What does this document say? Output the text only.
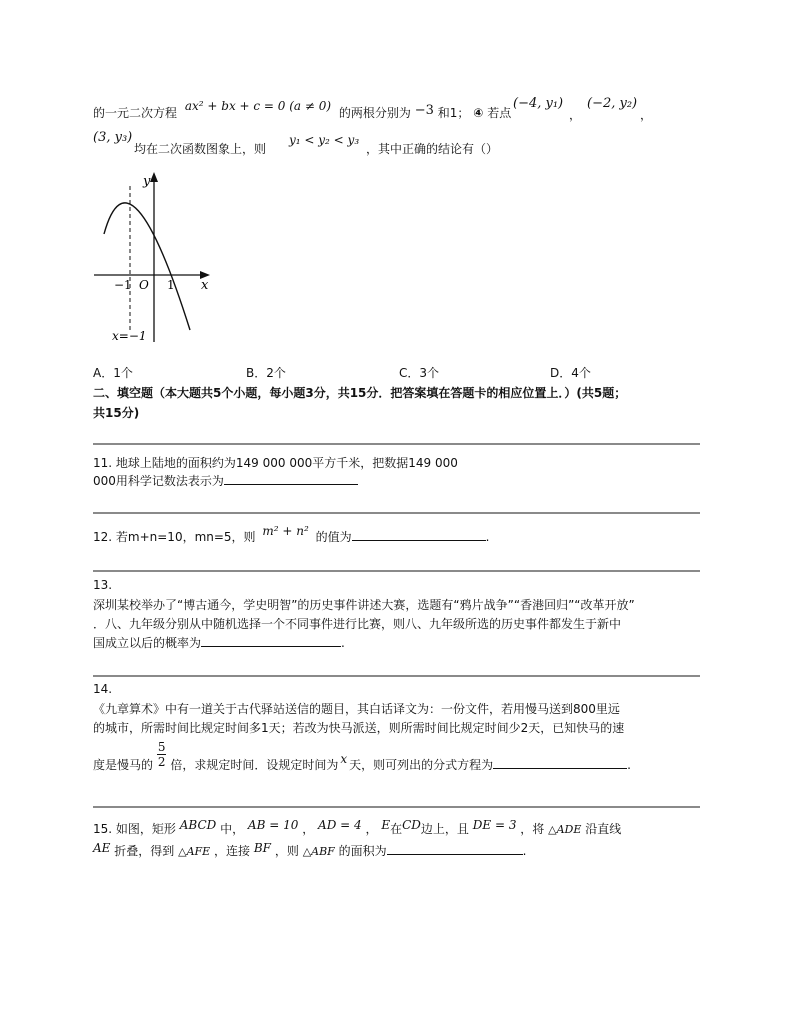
的一元二次方程 ax² + bx + c = 0 (a ≠ 0) 的两根分别为 −3 和1； ④ 若点
(−4, y₁)
，
(−2, y₂)
，
(3, y₃)
均在二次函数图象上，则
y₁ < y₂ < y₃
，其中正确的结论有（）
y
x
O
−1	1
x=−1
A．1个	B．2个	C．3个	D．4个
二、填空题（本大题共5个小题，每小题3分，共15分．把答案填在答题卡的相应位置上．）(共5题；
共15分)
11. 地球上陆地的面积约为149 000 000平方千米，把数据149 000
000用科学记数法表示为
12. 若m+n=10，mn=5，则 m² + n² 的值为	.
13.
深圳某校举办了“博古通今，学史明智”的历史事件讲述大赛，选题有“鸦片战争”“香港回归”“改革开放”
．八、九年级分别从中随机选择一个不同事件进行比赛，则八、九年级所选的历史事件都发生于新中
国成立以后的概率为	.
14.
《九章算术》中有一道关于古代驿站送信的题目，其白话译文为：一份文件，若用慢马送到800里远
的城市，所需时间比规定时间多1天；若改为快马派送，则所需时间比规定时间少2天，已知快马的速
度是慢马的 $\frac{5}{2}$ 倍，求规定时间．设规定时间为 x 天，则可列出的分式方程为	.
15. 如图，矩形 ABCD 中， AB = 10 ， AD = 4 ， E在CD边上，且 DE = 3 ，将 △ADE 沿直线
AE 折叠，得到 △AFE ，连接 BF ，则 △ABF 的面积为	.
